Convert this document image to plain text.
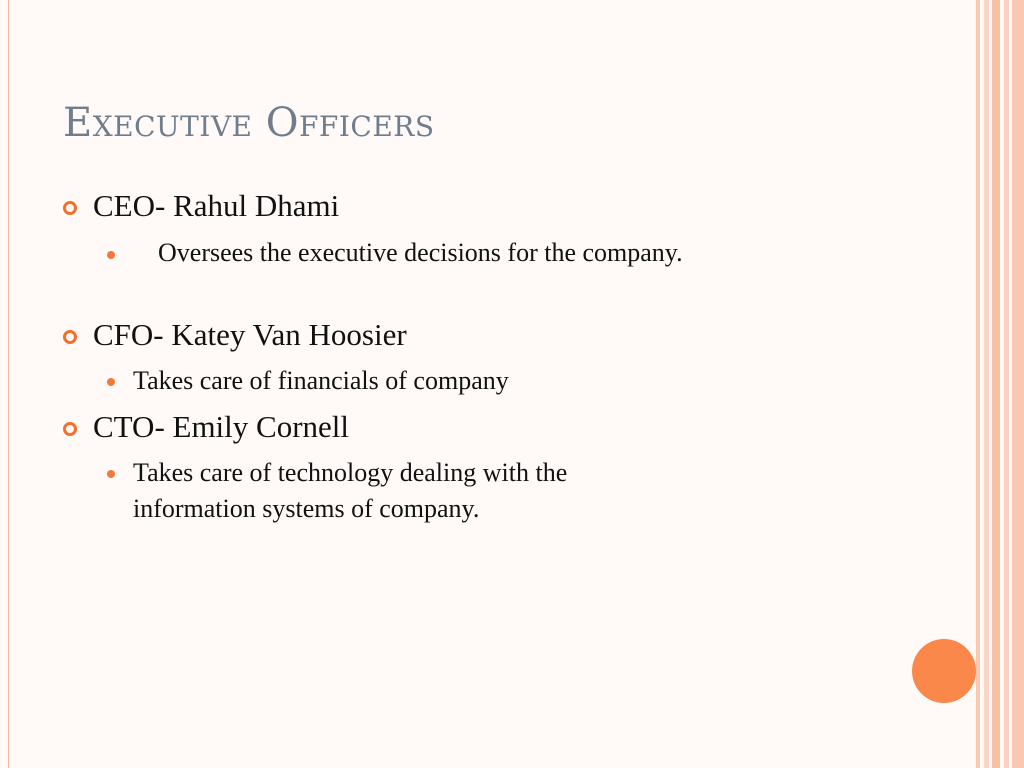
Executive Officers
CEO- Rahul Dhami
Oversees the executive decisions for the company.
CFO- Katey Van Hoosier
Takes care of financials of company
CTO- Emily Cornell
Takes care of technology dealing with the
information systems of company.
